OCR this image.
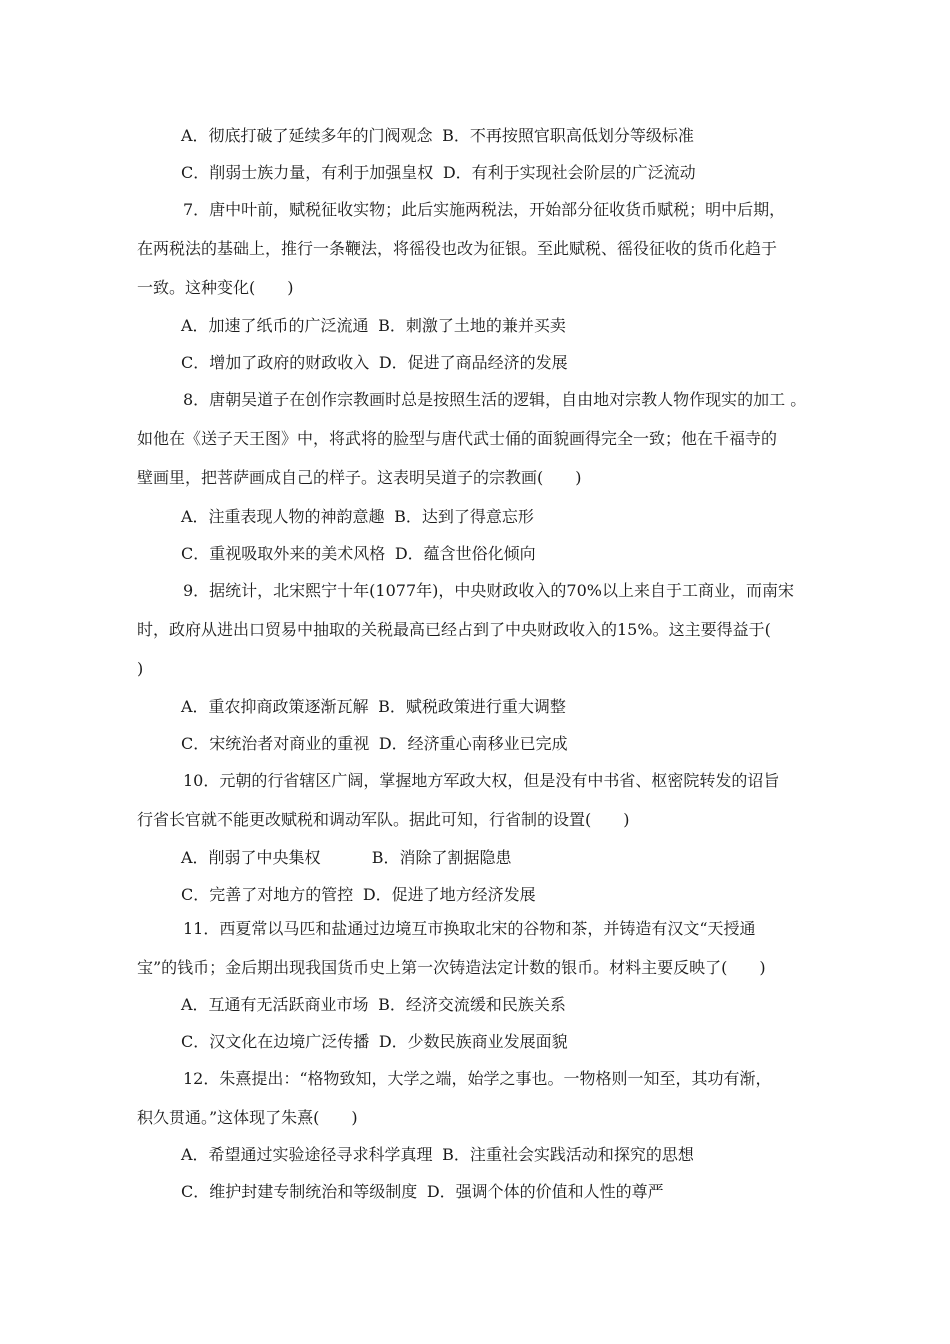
A．彻底打破了延续多年的门阀观念 B．不再按照官职高低划分等级标准
C．削弱士族力量，有利于加强皇权 D．有利于实现社会阶层的广泛流动
7．唐中叶前，赋税征收实物；此后实施两税法，开始部分征收货币赋税；明中后期，
在两税法的基础上，推行一条鞭法，将徭役也改为征银。至此赋税、徭役征收的货币化趋于
一致。这种变化(　　)
A．加速了纸币的广泛流通 B．刺激了土地的兼并买卖
C．增加了政府的财政收入 D．促进了商品经济的发展
8．唐朝吴道子在创作宗教画时总是按照生活的逻辑，自由地对宗教人物作现实的加工 。
如他在《送子天王图》中，将武将的脸型与唐代武士俑的面貌画得完全一致；他在千福寺的
壁画里，把菩萨画成自己的样子。这表明吴道子的宗教画(　　)
A．注重表现人物的神韵意趣 B．达到了得意忘形
C．重视吸取外来的美术风格 D．蕴含世俗化倾向
9．据统计，北宋熙宁十年(1077年)，中央财政收入的70%以上来自于工商业，而南宋
时，政府从进出口贸易中抽取的关税最高已经占到了中央财政收入的15%。这主要得益于(
)
A．重农抑商政策逐渐瓦解 B．赋税政策进行重大调整
C．宋统治者对商业的重视 D．经济重心南移业已完成
10．元朝的行省辖区广阔，掌握地方军政大权，但是没有中书省、枢密院转发的诏旨
行省长官就不能更改赋税和调动军队。据此可知，行省制的设置(　　)
A．削弱了中央集权	B．消除了割据隐患
C．完善了对地方的管控 D．促进了地方经济发展
11．西夏常以马匹和盐通过边境互市换取北宋的谷物和茶，并铸造有汉文“天授通
宝”的钱币；金后期出现我国货币史上第一次铸造法定计数的银币。材料主要反映了(　　)
A．互通有无活跃商业市场 B．经济交流缓和民族关系
C．汉文化在边境广泛传播 D．少数民族商业发展面貌
12．朱熹提出：“格物致知，大学之端，始学之事也。一物格则一知至，其功有渐，
积久贯通。”这体现了朱熹(　　)
A．希望通过实验途径寻求科学真理 B．注重社会实践活动和探究的思想
C．维护封建专制统治和等级制度 D．强调个体的价值和人性的尊严
